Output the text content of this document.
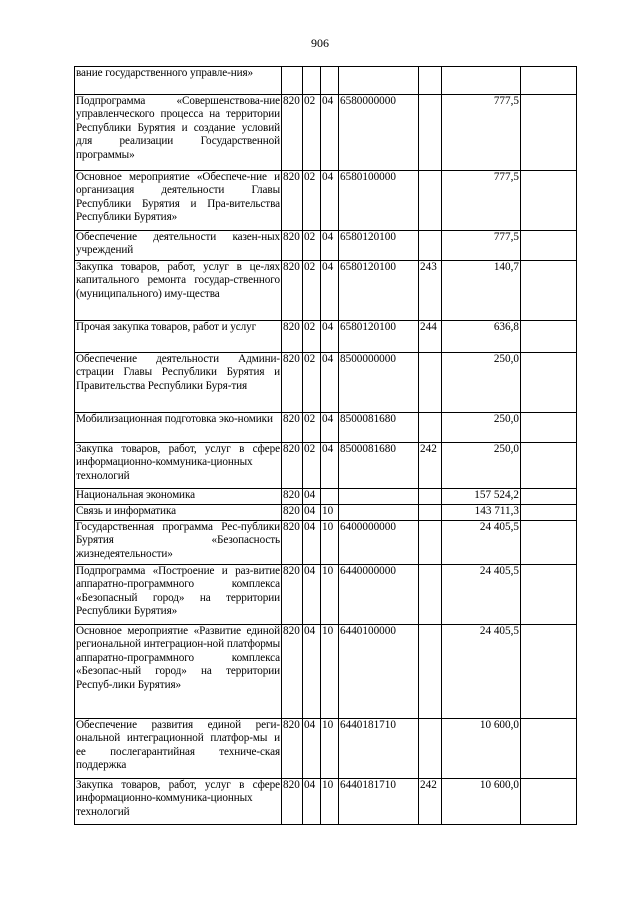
906
вание государственного управле-ния»							
Подпрограмма «Совершенствова-ние управленческого процесса на территории Республики Бурятия и создание условий для реализации Государственной программы»	820	02	04	6580000000		777,5	
Основное мероприятие «Обеспече-ние и организация деятельности Главы Республики Бурятия и Пра-вительства Республики Бурятия»	820	02	04	6580100000		777,5	
Обеспечение деятельности казен-ных учреждений	820	02	04	6580120100		777,5	
Закупка товаров, работ, услуг в це-лях капитального ремонта государ-ственного (муниципального) иму-щества	820	02	04	6580120100	243	140,7	
Прочая закупка товаров, работ и услуг	820	02	04	6580120100	244	636,8	
Обеспечение деятельности Админи-страции Главы Республики Бурятия и Правительства Республики Буря-тия	820	02	04	8500000000		250,0	
Мобилизационная подготовка эко-номики	820	02	04	8500081680		250,0	
Закупка товаров, работ, услуг в сфере информационно-коммуника-ционных технологий	820	02	04	8500081680	242	250,0	
Национальная экономика	820	04				157 524,2	
Связь и информатика	820	04	10			143 711,3	
Государственная программа Рес-публики Бурятия «Безопасность жизнедеятельности»	820	04	10	6400000000		24 405,5	
Подпрограмма «Построение и раз-витие аппаратно-программного комплекса «Безопасный город» на территории Республики Бурятия»	820	04	10	6440000000		24 405,5	
Основное мероприятие «Развитие единой региональной интеграцион-ной платформы аппаратно-программного комплекса «Безопас-ный город» на территории Респуб-лики Бурятия»	820	04	10	6440100000		24 405,5	
Обеспечение развития единой реги-ональной интеграционной платфор-мы и ее послегарантийная техниче-ская поддержка	820	04	10	6440181710		10 600,0	
Закупка товаров, работ, услуг в сфере информационно-коммуника-ционных технологий	820	04	10	6440181710	242	10 600,0	
